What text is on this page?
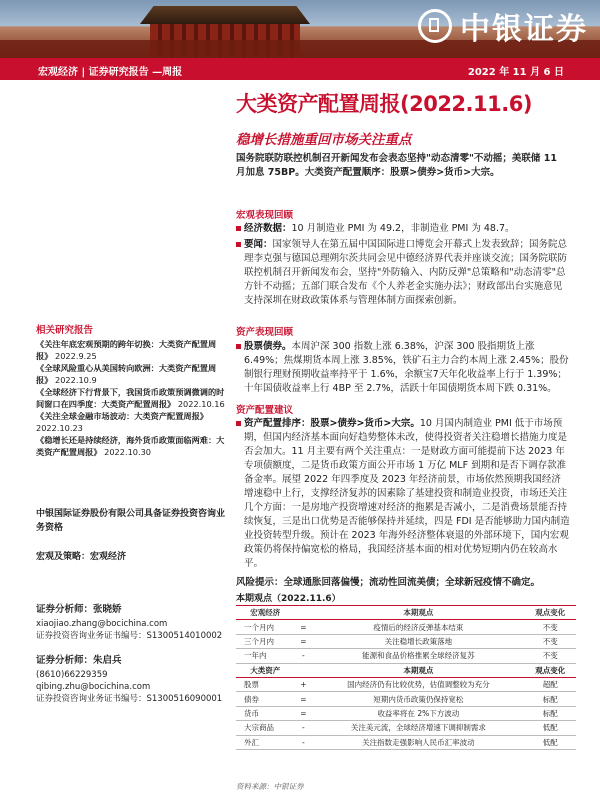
中银证券
宏观经济 | 证券研究报告 —周报	2022 年 11 月 6 日
大类资产配置周报(2022.11.6)
稳增长措施重回市场关注重点
国务院联防联控机制召开新闻发布会表态坚持"动态清零"不动摇；美联储 11 月加息 75BP。大类资产配置顺序：股票>债券>货币>大宗。
宏观表现回顾
经济数据：10 月制造业 PMI 为 49.2，非制造业 PMI 为 48.7。
要闻：国家领导人在第五届中国国际进口博览会开幕式上发表致辞；国务院总理李克强与德国总理朔尔茨共同会见中德经济界代表并座谈交流；国务院联防联控机制召开新闻发布会，坚持"外防输入、内防反弹"总策略和"动态清零"总方针不动摇；五部门联合发布《个人养老金实施办法》；财政部出台实施意见支持深圳在财政政策体系与管理体制方面探索创新。
资产表现回顾
股票债券。本周沪深 300 指数上涨 6.38%，沪深 300 股指期货上涨 6.49%；焦煤期货本周上涨 3.85%，铁矿石主力合约本周上涨 2.45%；股份制银行理财预期收益率持平于 1.6%，余额宝7天年化收益率上行于 1.39%；十年国债收益率上行 4BP 至 2.7%，活跃十年国债期货本周下跌 0.31%。
资产配置建议
资产配置排序：股票>债券>货币>大宗。10 月国内制造业 PMI 低于市场预期，但国内经济基本面向好趋势整体未改，使得投资者关注稳增长措施力度是否会加大。11 月主要有两个关注重点：一是财政方面可能提前下达 2023 年专项债额度，二是货币政策方面公开市场 1 万亿 MLF 到期和是否下调存款准备金率。展望 2022 年四季度及 2023 年经济前景，市场依然预期我国经济增速稳中上行，支撑经济复苏的因素除了基建投资和制造业投资，市场还关注几个方面：一是房地产投资增速对经济的拖累是否减小，二是消费场景能否持续恢复，三是出口优势是否能够保持并延续，四是 FDI 是否能够助力国内制造业投资转型升级。预计在 2023 年海外经济整体衰退的外部环境下，国内宏观政策仍将保持偏宽松的格局，我国经济基本面的相对优势短期内仍在较高水平。
风险提示：全球通胀回落偏慢；流动性回流美债；全球新冠疫情不确定。
相关研究报告
《关注年底宏观预期的跨年切换：大类资产配置周报》 2022.9.25
《全球风险重心从美国转向欧洲：大类资产配置周报》 2022.10.9
《全球经济下行背景下，我国货币政策预调微调的时间窗口在四季度：大类资产配置周报》 2022.10.16
《关注全球金融市场波动：大类资产配置周报》 2022.10.23
《稳增长还是持续经济，海外货币政策面临两难：大类资产配置周报》 2022.10.30
中银国际证券股份有限公司具备证券投资咨询业务资格
宏观及策略：宏观经济
证券分析师：张晓娇
xiaojiao.zhang@bocichina.com
证券投资咨询业务证书编号：S1300514010002
证券分析师：朱启兵
(8610)66229359
qibing.zhu@bocichina.com
证券投资咨询业务证书编号：S1300516090001
本期观点（2022.11.6）
宏观经济		本期观点	观点变化
一个月内	=	疫情后的经济反弹基本结束	不变
三个月内	=	关注稳增长政策落地	不变
一年内	-	能源和食品价格推累全球经济复苏	不变
大类资产		本期观点	观点变化
股票	+	国内经济仍有比较优势，估值调整较为充分	超配
债券	=	短期内货币政策仍保持宽松	标配
货币	=	收益率将在 2%下方波动	标配
大宗商品	-	关注美元流，全球经济增速下调抑制需求	低配
外汇	-	关注指数走强影响人民币汇率波动	低配
资料来源：中银证券
